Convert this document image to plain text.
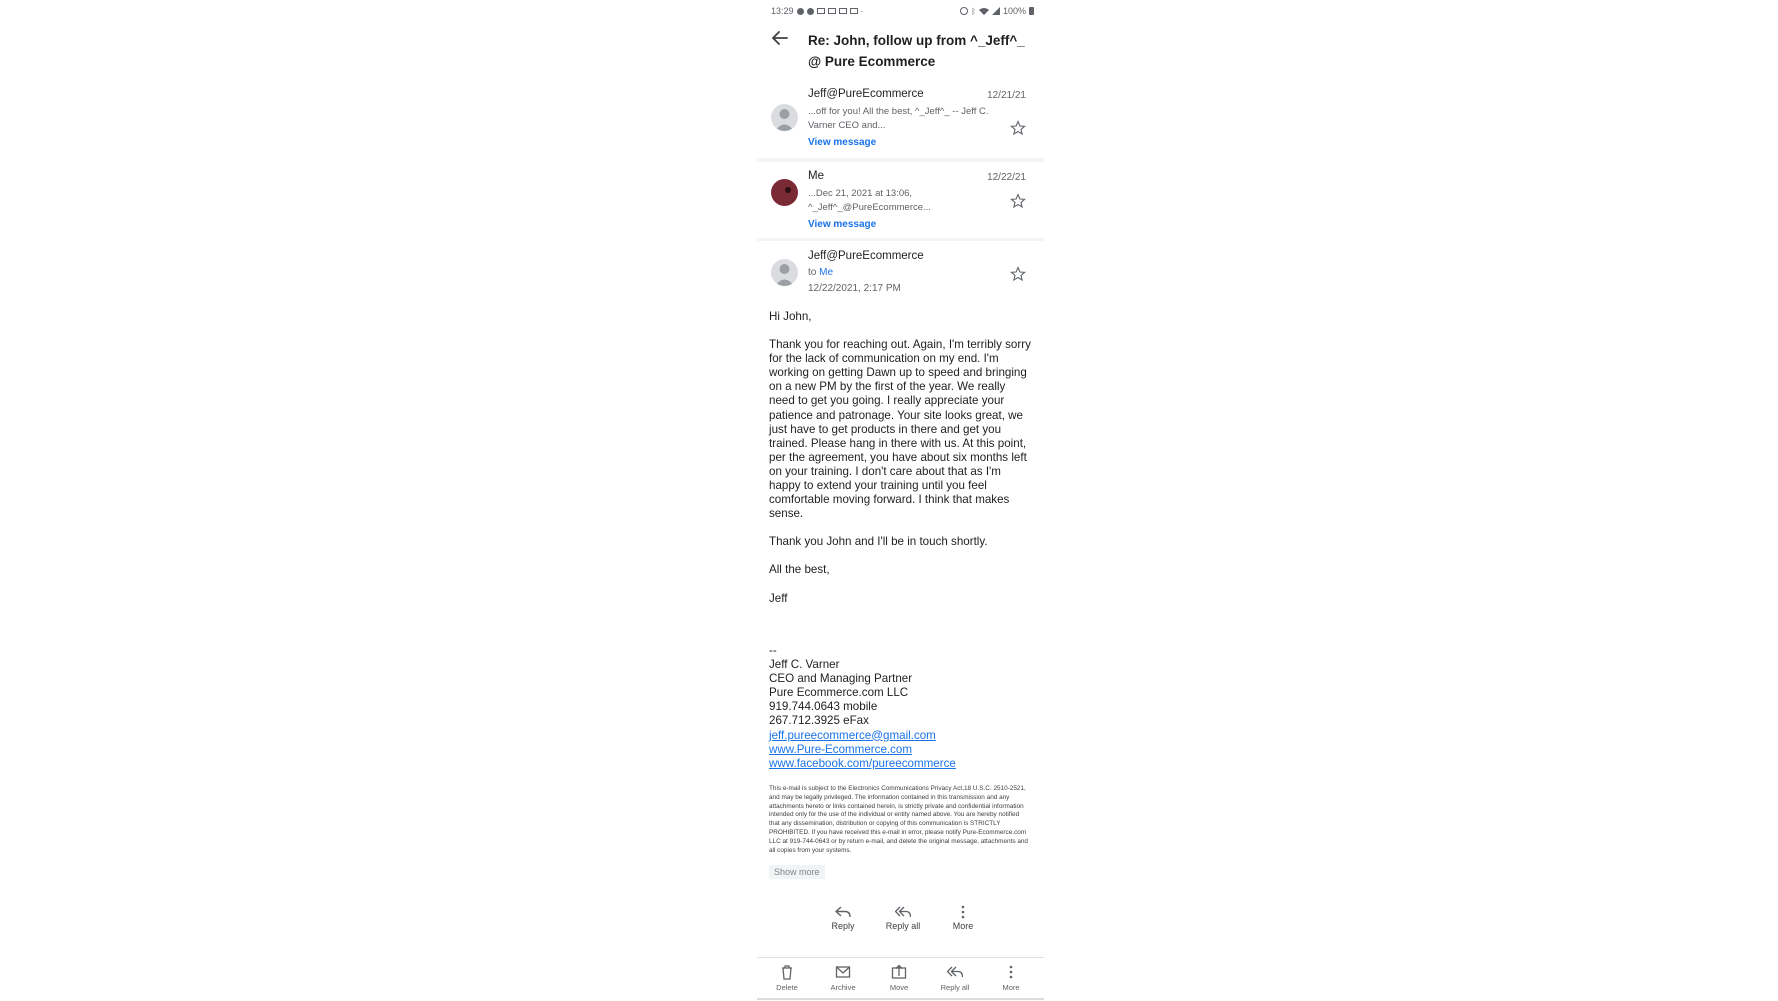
13:29	·	ᛒ	100%
Re: John, follow up from ^_Jeff^_ @ Pure Ecommerce
Jeff@PureEcommerce	12/21/21
...off for you! All the best, ^_Jeff^_ -- Jeff C. Varner CEO and...
View message
Me	12/22/21
...Dec 21, 2021 at 13:06, ^_Jeff^_@PureEcommerce...
View message
Jeff@PureEcommerce
to Me
12/22/2021, 2:17 PM

Hi John,

Thank you for reaching out. Again, I'm terribly sorry for the lack of communication on my end. I'm working on getting Dawn up to speed and bringing on a new PM by the first of the year. We really need to get you going. I really appreciate your patience and patronage. Your site looks great, we just have to get products in there and get you trained. Please hang in there with us. At this point, per the agreement, you have about six months left on your training. I don't care about that as I'm happy to extend your training until you feel comfortable moving forward. I think that makes sense.

Thank you John and I'll be in touch shortly.

All the best,

Jeff

--
Jeff C. Varner
CEO and Managing Partner
Pure Ecommerce.com LLC
919.744.0643 mobile
267.712.3925 eFax
jeff.pureecommerce@gmail.com
www.Pure-Ecommerce.com
www.facebook.com/pureecommerce
This e-mail is subject to the Electronics Communications Privacy Act,18 U.S.C. 2510-2521, and may be legally privileged. The information contained in this transmission and any attachments hereto or links contained herein, is strictly private and confidential information intended only for the use of the individual or entity named above. You are hereby notified that any dissemination, distribution or copying of this communication is STRICTLY PROHIBITED. If you have received this e-mail in error, please notify Pure-Ecommerce.com LLC at 919-744-0643 or by return e-mail, and delete the original message, attachments and all copies from your systems.
Show more
Reply	Reply all	More
Delete	Archive	Move	Reply all	More
